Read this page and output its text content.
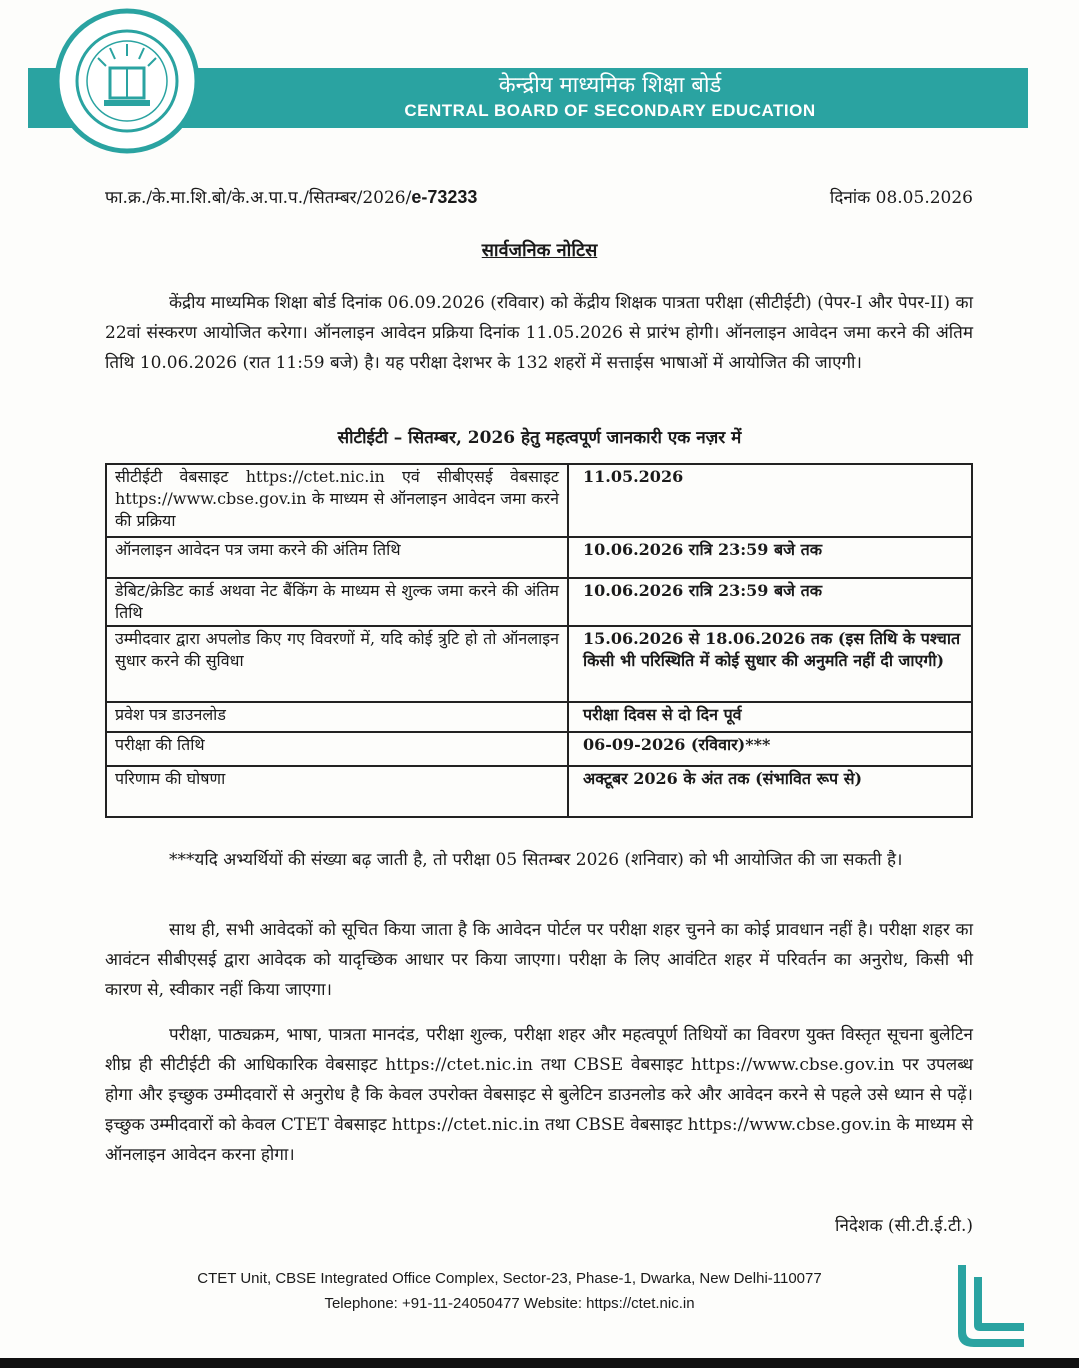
केन्द्रीय माध्यमिक शिक्षा बोर्ड
CENTRAL BOARD OF SECONDARY EDUCATION
फा.क्र./के.मा.शि.बो/के.अ.पा.प./सितम्बर/2026/e-73233	दिनांक 08.05.2026
सार्वजनिक नोटिस
केंद्रीय माध्यमिक शिक्षा बोर्ड दिनांक 06.09.2026 (रविवार) को केंद्रीय शिक्षक पात्रता परीक्षा (सीटीईटी) (पेपर-I और पेपर-II) का 22वां संस्करण आयोजित करेगा। ऑनलाइन आवेदन प्रक्रिया दिनांक 11.05.2026 से प्रारंभ होगी। ऑनलाइन आवेदन जमा करने की अंतिम तिथि 10.06.2026 (रात 11:59 बजे) है। यह परीक्षा देशभर के 132 शहरों में सत्ताईस भाषाओं में आयोजित की जाएगी।
सीटीईटी – सितम्बर, 2026 हेतु महत्वपूर्ण जानकारी एक नज़र में
सीटीईटी वेबसाइट https://ctet.nic.in एवं सीबीएसई वेबसाइट https://www.cbse.gov.in के माध्यम से ऑनलाइन आवेदन जमा करने की प्रक्रिया	11.05.2026
ऑनलाइन आवेदन पत्र जमा करने की अंतिम तिथि	10.06.2026 रात्रि 23:59 बजे तक
डेबिट/क्रेडिट कार्ड अथवा नेट बैंकिंग के माध्यम से शुल्क जमा करने की अंतिम तिथि	10.06.2026 रात्रि 23:59 बजे तक
उम्मीदवार द्वारा अपलोड किए गए विवरणों में, यदि कोई त्रुटि हो तो ऑनलाइन सुधार करने की सुविधा	15.06.2026 से 18.06.2026 तक (इस तिथि के पश्चात किसी भी परिस्थिति में कोई सुधार की अनुमति नहीं दी जाएगी)
प्रवेश पत्र डाउनलोड	परीक्षा दिवस से दो दिन पूर्व
परीक्षा की तिथि	06-09-2026 (रविवार)***
परिणाम की घोषणा	अक्टूबर 2026 के अंत तक (संभावित रूप से)
***यदि अभ्यर्थियों की संख्या बढ़ जाती है, तो परीक्षा 05 सितम्बर 2026 (शनिवार) को भी आयोजित की जा सकती है।
साथ ही, सभी आवेदकों को सूचित किया जाता है कि आवेदन पोर्टल पर परीक्षा शहर चुनने का कोई प्रावधान नहीं है। परीक्षा शहर का आवंटन सीबीएसई द्वारा आवेदक को यादृच्छिक आधार पर किया जाएगा। परीक्षा के लिए आवंटित शहर में परिवर्तन का अनुरोध, किसी भी कारण से, स्वीकार नहीं किया जाएगा।
परीक्षा, पाठ्यक्रम, भाषा, पात्रता मानदंड, परीक्षा शुल्क, परीक्षा शहर और महत्वपूर्ण तिथियों का विवरण युक्त विस्तृत सूचना बुलेटिन शीघ्र ही सीटीईटी की आधिकारिक वेबसाइट https://ctet.nic.in तथा CBSE वेबसाइट https://www.cbse.gov.in पर उपलब्ध होगा और इच्छुक उम्मीदवारों से अनुरोध है कि केवल उपरोक्त वेबसाइट से बुलेटिन डाउनलोड करे और आवेदन करने से पहले उसे ध्यान से पढ़ें। इच्छुक उम्मीदवारों को केवल CTET वेबसाइट https://ctet.nic.in तथा CBSE वेबसाइट https://www.cbse.gov.in के माध्यम से ऑनलाइन आवेदन करना होगा।
निदेशक (सी.टी.ई.टी.)
CTET Unit, CBSE Integrated Office Complex, Sector-23, Phase-1, Dwarka, New Delhi-110077
Telephone: +91-11-24050477 Website: https://ctet.nic.in
